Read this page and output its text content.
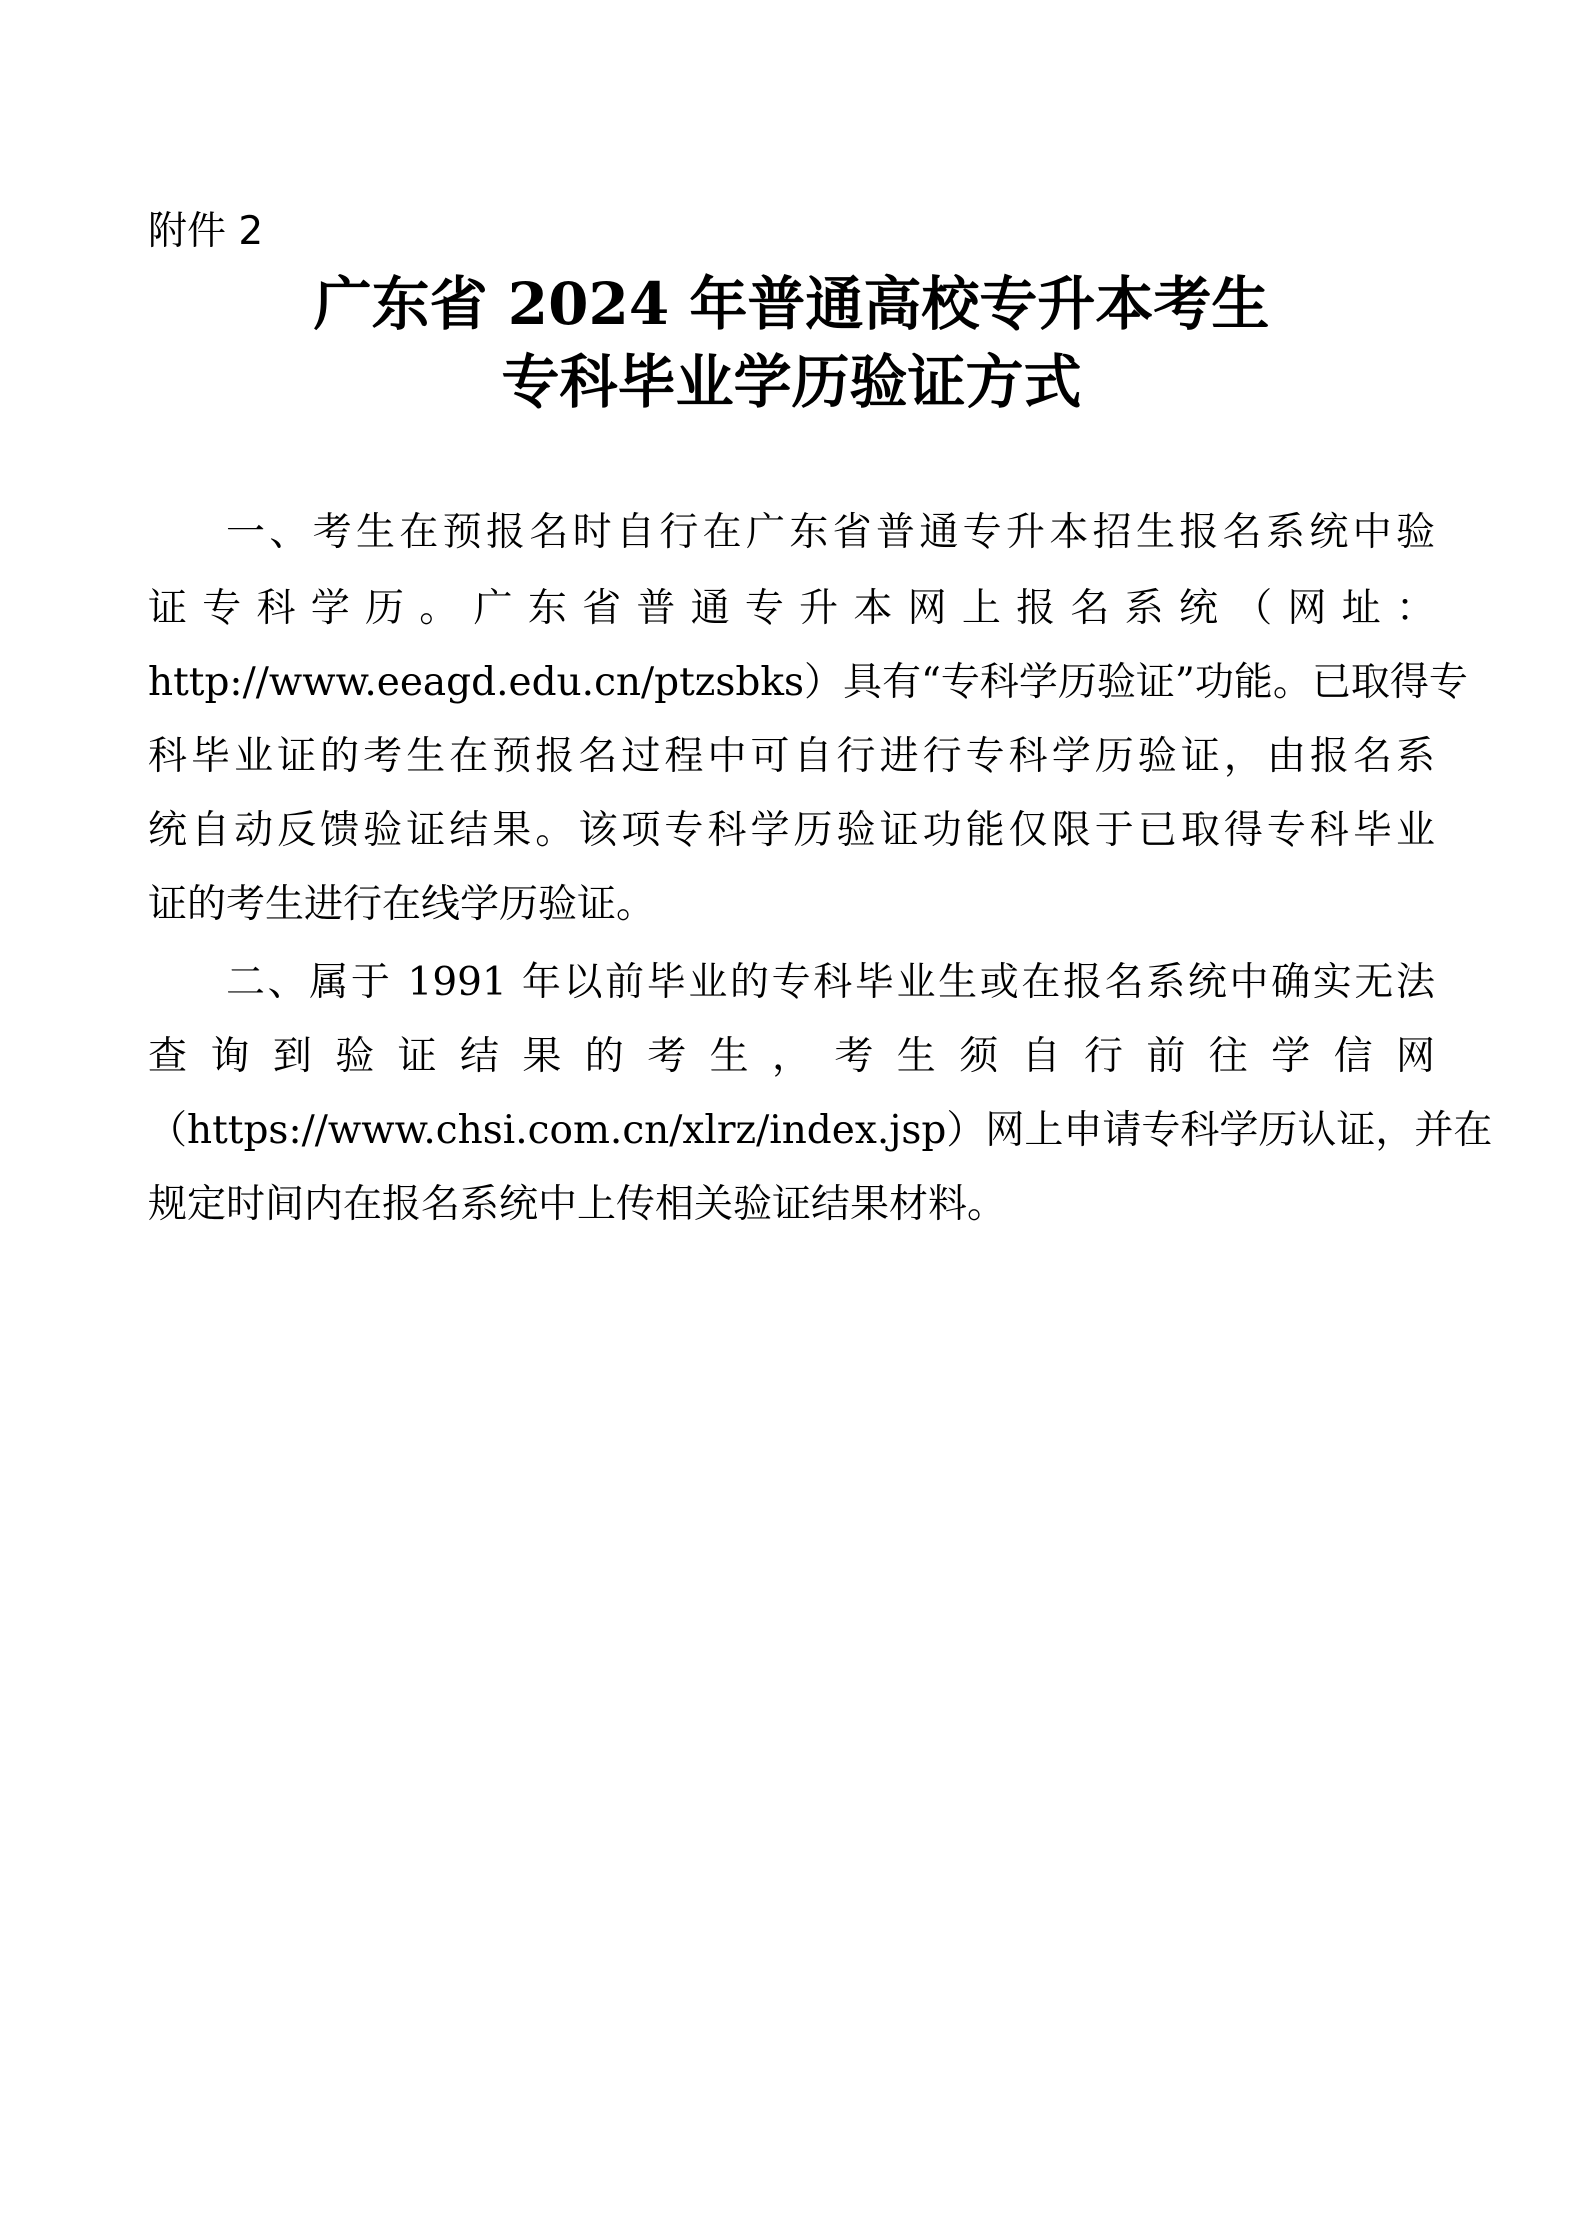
附件 2
广东省 2024 年普通高校专升本考生
专科毕业学历验证方式
一、考生在预报名时自行在广东省普通专升本招生报名系统中验
证专科学历。广东省普通专升本网上报名系统（网址：
http://www.eeagd.edu.cn/ptzsbks）具有“专科学历验证”功能。已取得专
科毕业证的考生在预报名过程中可自行进行专科学历验证，由报名系
统自动反馈验证结果。该项专科学历验证功能仅限于已取得专科毕业
证的考生进行在线学历验证。
二、属于 1991 年以前毕业的专科毕业生或在报名系统中确实无法
查询到验证结果的考生，考生须自行前往学信网
（https://www.chsi.com.cn/xlrz/index.jsp）网上申请专科学历认证，并在
规定时间内在报名系统中上传相关验证结果材料。
